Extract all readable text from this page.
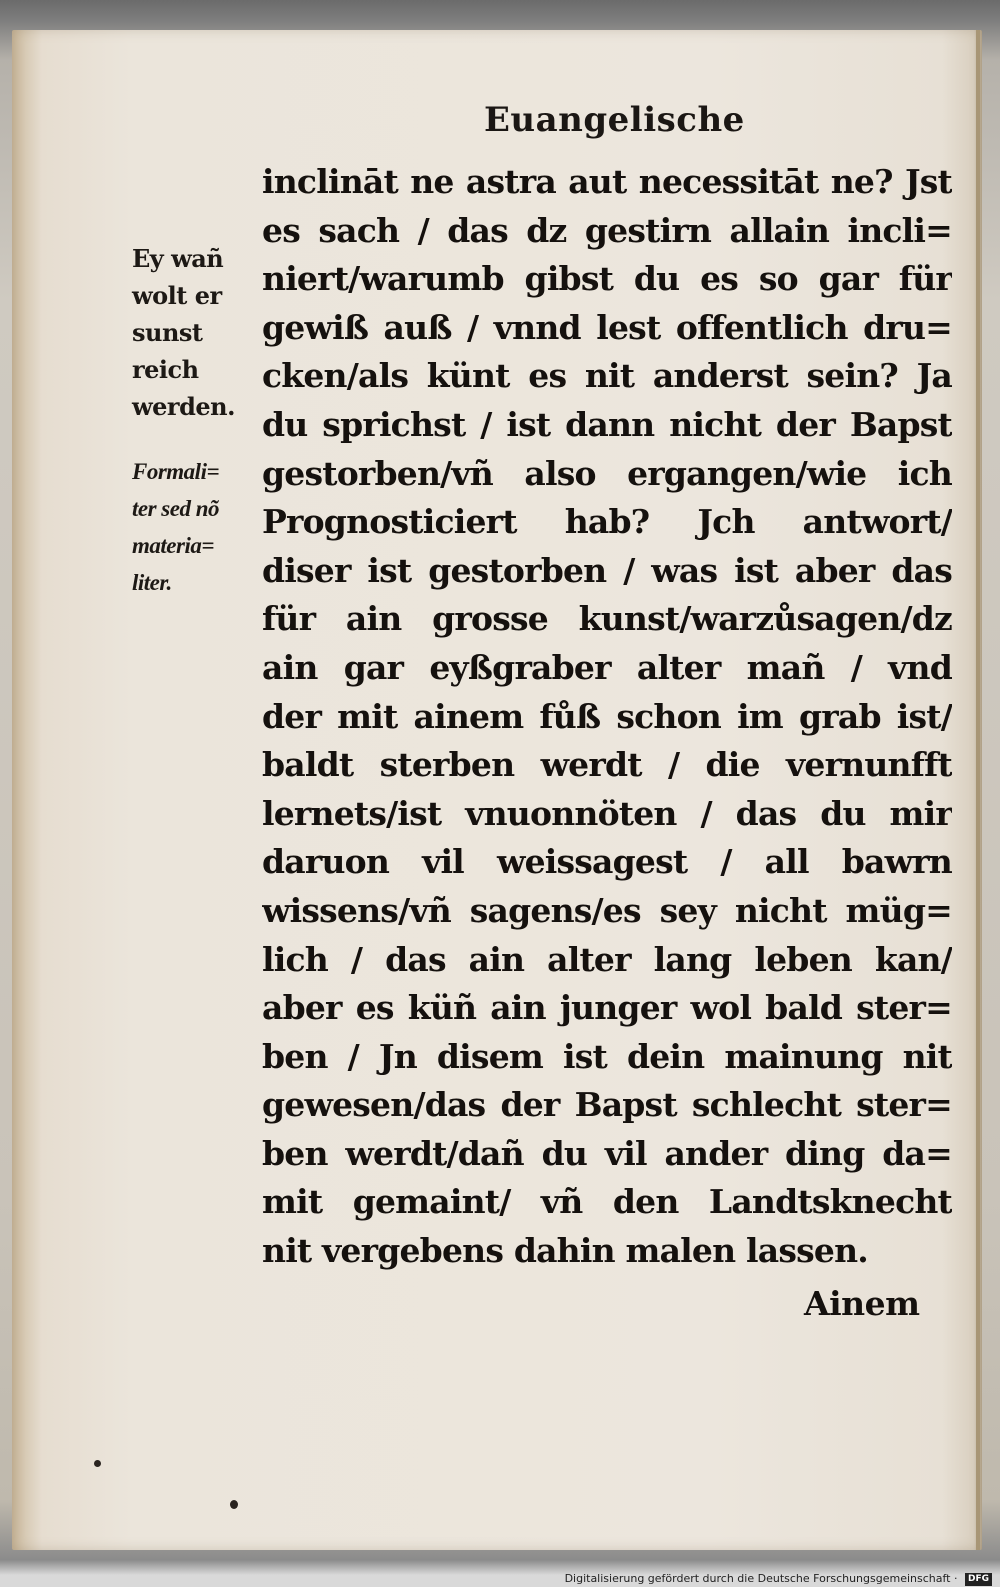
Euangelische
Ey wañ
wolt er
sunst
reich
werden.
Formali=
ter sed nõ
materia=
liter.
inclināt ne astra aut necessitāt ne? Jst
es sach / das dz gestirn allain incli=
niert/warumb gibst du es so gar für
gewiß auß / vnnd lest offentlich dru=
cken/als künt es nit anderst sein? Ja
du sprichst / ist dann nicht der Bapst
gestorben/vñ also ergangen/wie ich
Prognosticiert hab? Jch antwort/
diser ist gestorben / was ist aber das
für ain grosse kunst/warzůsagen/dz
ain gar eyßgraber alter mañ / vnd
der mit ainem fůß schon im grab ist/
baldt sterben werdt / die vernunfft
lernets/ist vnuonnöten / das du mir
daruon vil weissagest / all bawrn
wissens/vñ sagens/es sey nicht müg=
lich / das ain alter lang leben kan/
aber es küñ ain junger wol bald ster=
ben / Jn disem ist dein mainung nit
gewesen/das der Bapst schlecht ster=
ben werdt/dañ du vil ander ding da=
mit gemaint/ vñ den Landtsknecht
nit vergebens dahin malen lassen.
Ainem
Digitalisierung gefördert durch die Deutsche Forschungsgemeinschaft · DFG
